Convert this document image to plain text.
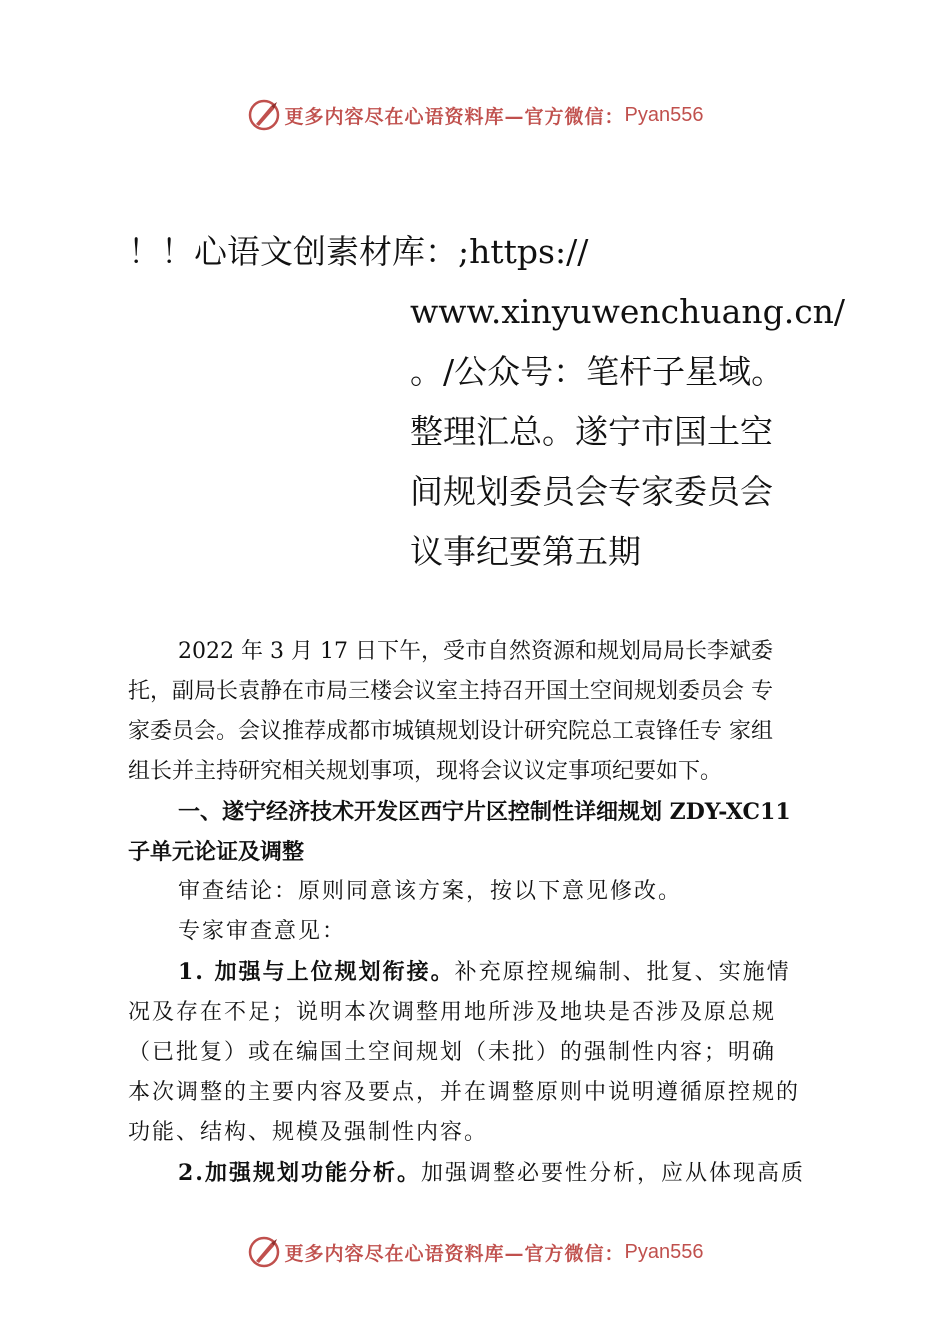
更多内容尽在心语资料库—官方微信： Pyan556
！！心语文创素材库：;https://
www.xinyuwenchuang.cn/
。/公众号：笔杆子星域。
整理汇总。遂宁市国土空
间规划委员会专家委员会
议事纪要第五期
2022 年 3 月 17 日下午，受市自然资源和规划局局长李斌委
托，副局长袁静在市局三楼会议室主持召开国土空间规划委员会 专
家委员会。会议推荐成都市城镇规划设计研究院总工袁锋任专 家组
组长并主持研究相关规划事项，现将会议议定事项纪要如下。
一、遂宁经济技术开发区西宁片区控制性详细规划 ZDY-XC11
子单元论证及调整
审查结论：原则同意该方案，按以下意见修改。
专家审查意见：
1. 加强与上位规划衔接。补充原控规编制、批复、实施情
况及存在不足；说明本次调整用地所涉及地块是否涉及原总规
（已批复）或在编国土空间规划（未批）的强制性内容；明确
本次调整的主要内容及要点，并在调整原则中说明遵循原控规的
功能、结构、规模及强制性内容。
2.加强规划功能分析。加强调整必要性分析，应从体现高质
更多内容尽在心语资料库—官方微信： Pyan556
